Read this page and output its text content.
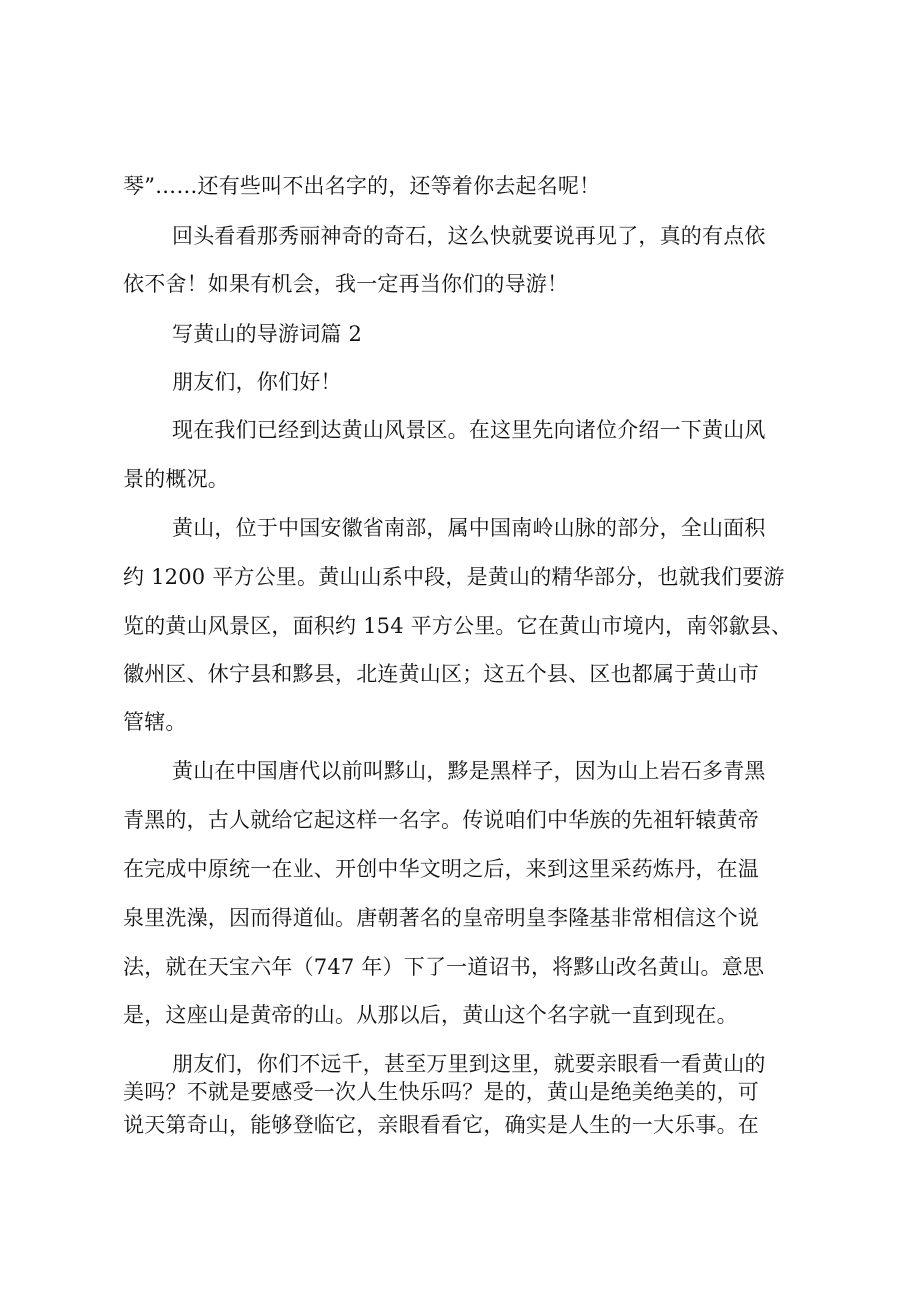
琴”……还有些叫不出名字的，还等着你去起名呢！
回头看看那秀丽神奇的奇石，这么快就要说再见了，真的有点依
依不舍！如果有机会，我一定再当你们的导游！
写黄山的导游词篇 2
朋友们，你们好！
现在我们已经到达黄山风景区。在这里先向诸位介绍一下黄山风
景的概况。
黄山，位于中国安徽省南部，属中国南岭山脉的部分，全山面积
约 1200 平方公里。黄山山系中段，是黄山的精华部分，也就我们要游
览的黄山风景区，面积约 154 平方公里。它在黄山市境内，南邻歙县、
徽州区、休宁县和黟县，北连黄山区；这五个县、区也都属于黄山市
管辖。
黄山在中国唐代以前叫黟山，黟是黑样子，因为山上岩石多青黑
青黑的，古人就给它起这样一名字。传说咱们中华族的先祖轩辕黄帝
在完成中原统一在业、开创中华文明之后，来到这里采药炼丹，在温
泉里洗澡，因而得道仙。唐朝著名的皇帝明皇李隆基非常相信这个说
法，就在天宝六年（747 年）下了一道诏书，将黟山改名黄山。意思
是，这座山是黄帝的山。从那以后，黄山这个名字就一直到现在。
朋友们，你们不远千，甚至万里到这里，就要亲眼看一看黄山的
美吗？不就是要感受一次人生快乐吗？是的，黄山是绝美绝美的，可
说天第奇山，能够登临它，亲眼看看它，确实是人生的一大乐事。在
